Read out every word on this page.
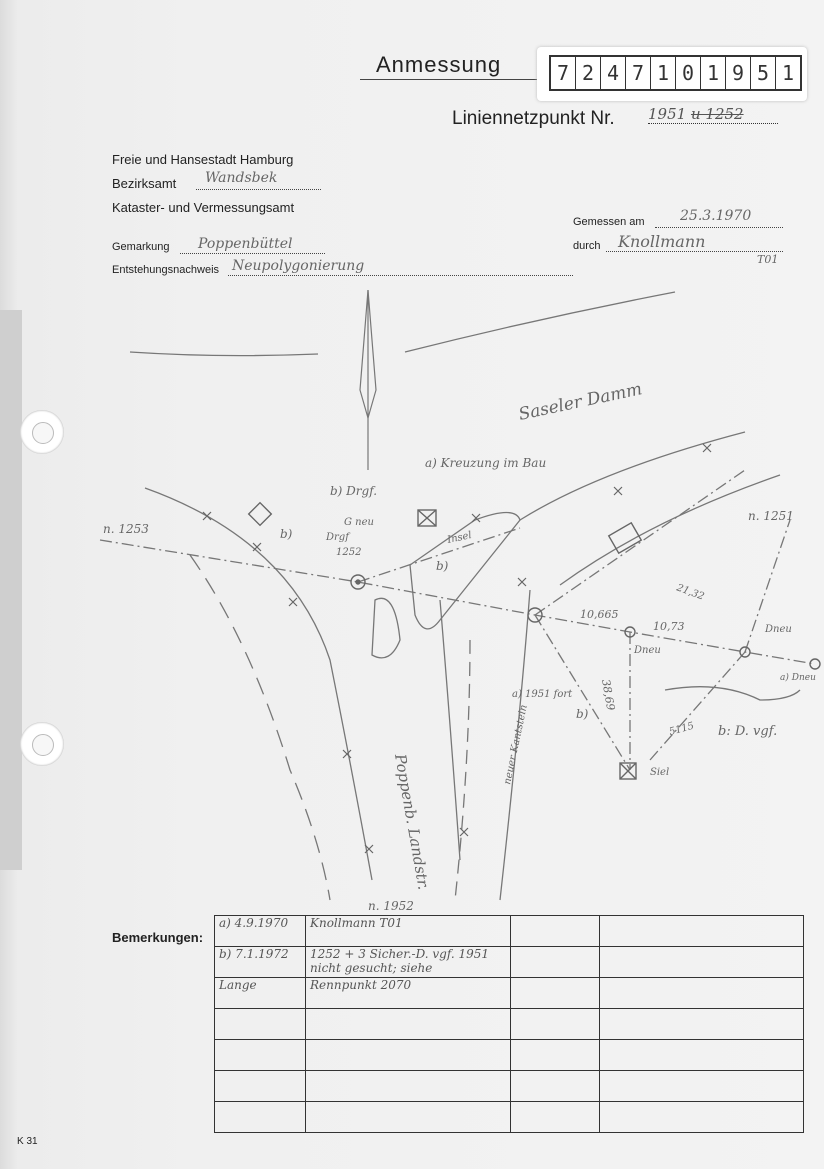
Anmessung	7 2 4 7 1 0 1 9 5 1
Liniennetzpunkt Nr. 1951 u 1252
Freie und Hansestadt Hamburg
Bezirksamt Wandsbek
Kataster- und Vermessungsamt
Gemarkung Poppenbüttel
Entstehungsnachweis Neupolygonierung
Gemessen am	25.3.1970
durch Knollmann
T01
Saseler Damm
Poppenb. Landstr.
a) Kreuzung im Bau
b) Drgf.
n. 1253
n. 1251
n. 1952
G neu
Drgf
1252
Insel
10,665
10,73
38,69
Dneu
Dneu
a) Dneu
a) 1951 fort
neuer Kantstein	Siel
b: D. vgf.
b)
b)
b)
5115
21,32
Bemerkungen:
a) 4.9.1970	Knollmann T01		
b) 7.1.1972	1252 + 3 Sicher.-D. vgf. 1951 nicht gesucht; siehe		
Lange	Rennpunkt 2070		

K 31
